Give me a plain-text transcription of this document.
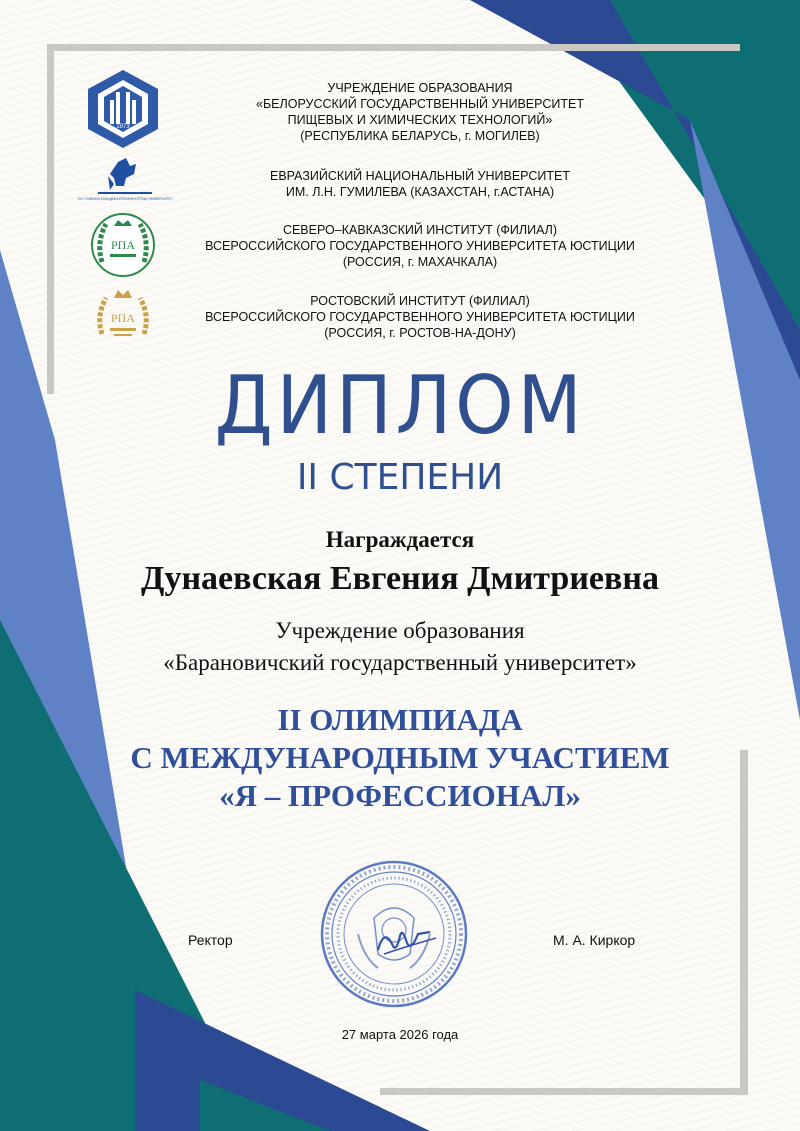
1973
Л.Н. ГУМИЛЕВ АТЫНДАҒЫ ЕУРАЗИЯ ҰЛТТЫҚ УНИВЕРСИТЕТІ
РПА
РПА
УЧРЕЖДЕНИЕ ОБРАЗОВАНИЯ
«БЕЛОРУССКИЙ ГОСУДАРСТВЕННЫЙ УНИВЕРСИТЕТ
ПИЩЕВЫХ И ХИМИЧЕСКИХ ТЕХНОЛОГИЙ»
(РЕСПУБЛИКА БЕЛАРУСЬ, г. МОГИЛЕВ)
ЕВРАЗИЙСКИЙ НАЦИОНАЛЬНЫЙ УНИВЕРСИТЕТ
ИМ. Л.Н. ГУМИЛЕВА (КАЗАХСТАН, г.АСТАНА)
СЕВЕРО–КАВКАЗСКИЙ ИНСТИТУТ (ФИЛИАЛ)
ВСЕРОССИЙСКОГО ГОСУДАРСТВЕННОГО УНИВЕРСИТЕТА ЮСТИЦИИ
(РОССИЯ, г. МАХАЧКАЛА)
РОСТОВСКИЙ ИНСТИТУТ (ФИЛИАЛ)
ВСЕРОССИЙСКОГО ГОСУДАРСТВЕННОГО УНИВЕРСИТЕТА ЮСТИЦИИ
(РОССИЯ, г. РОСТОВ-НА-ДОНУ)
ДИПЛОМ
II СТЕПЕНИ
Награждается
Дунаевская Евгения Дмитриевна
Учреждение образования
«Барановичский государственный университет»
II ОЛИМПИАДА
С МЕЖДУНАРОДНЫМ УЧАСТИЕМ
«Я – ПРОФЕССИОНАЛ»
Ректор	М. А. Киркор
27 марта 2026 года
